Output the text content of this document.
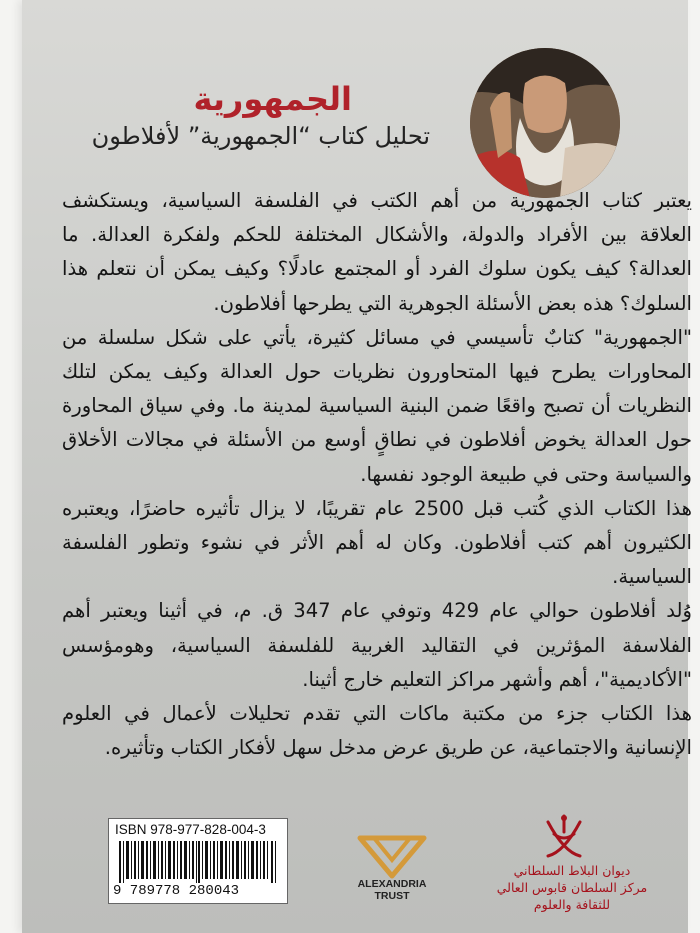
الجمهورية
تحليل كتاب “الجمهورية” لأفلاطون

يعتبر كتاب الجمهورية من أهم الكتب في الفلسفة السياسية، ويستكشف العلاقة بين الأفراد والدولة، والأشكال المختلفة للحكم ولفكرة العدالة. ما العدالة؟ كيف يكون سلوك الفرد أو المجتمع عادلًا؟ وكيف يمكن أن نتعلم هذا السلوك؟ هذه بعض الأسئلة الجوهرية التي يطرحها أفلاطون.

"الجمهورية" كتابٌ تأسيسي في مسائل كثيرة، يأتي على شكل سلسلة من المحاورات يطرح فيها المتحاورون نظريات حول العدالة وكيف يمكن لتلك النظريات أن تصبح واقعًا ضمن البنية السياسية لمدينة ما. وفي سياق المحاورة حول العدالة يخوض أفلاطون في نطاقٍ أوسع من الأسئلة في مجالات الأخلاق والسياسة وحتى في طبيعة الوجود نفسها.

هذا الكتاب الذي كُتب قبل 2500 عام تقريبًا، لا يزال تأثيره حاضرًا، ويعتبره الكثيرون أهم كتب أفلاطون. وكان له أهم الأثر في نشوء وتطور الفلسفة السياسية.

وُلد أفلاطون حوالي عام 429 وتوفي عام 347 ق. م، في أثينا ويعتبر أهم الفلاسفة المؤثرين في التقاليد الغربية للفلسفة السياسية، وهومؤسس "الأكاديمية"، أهم وأشهر مراكز التعليم خارج أثينا.

هذا الكتاب جزء من مكتبة ماكات التي تقدم تحليلات لأعمال في العلوم الإنسانية والاجتماعية، عن طريق عرض مدخل سهل لأفكار الكتاب وتأثيره.

ISBN 978-977-828-004-3
9 789778 280043	ALEXANDRIA TRUST
ديوان البلاط السلطاني
مركز السلطان قابوس العالي للثقافة والعلوم
